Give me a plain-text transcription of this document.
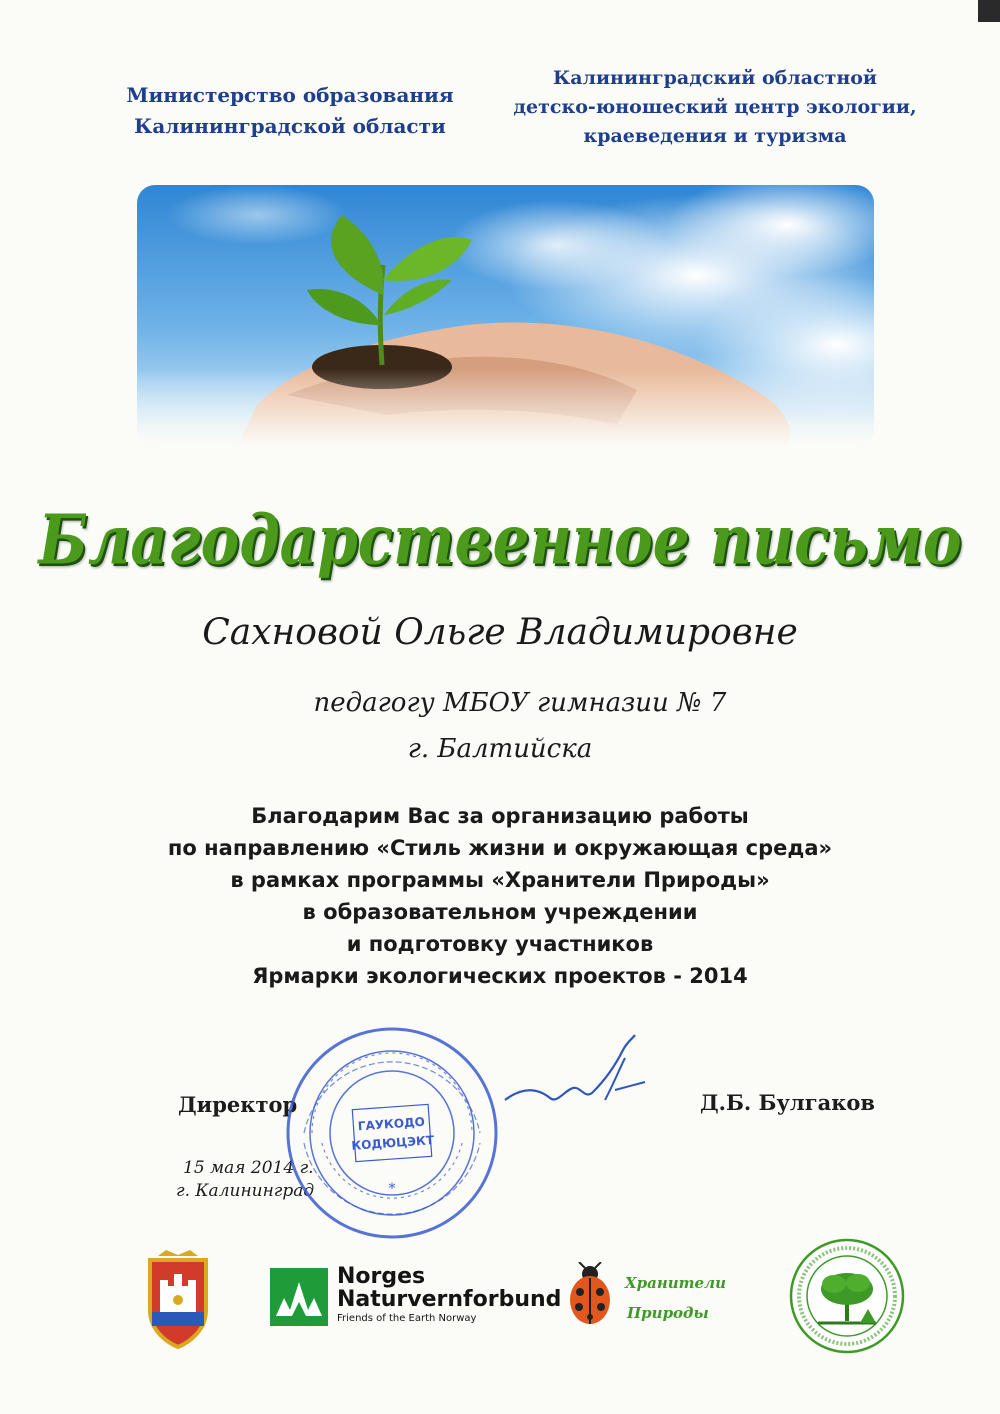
Министерство образования
Калининградской области
Калининградский областной
детско-юношеский центр экологии,
краеведения и туризма
Благодарственное письмо
Сахновой Ольге Владимировне
педагогу МБОУ гимназии № 7
г. Балтийска
Благодарим Вас за организацию работы
по направлению «Стиль жизни и окружающая среда»
в рамках программы «Хранители Природы»
в образовательном учреждении
и подготовку участников
Ярмарки экологических проектов - 2014
Директор	Д.Б. Булгаков
15 мая 2014 г.
г. Калининград
ГАУКОДО
КОДЮЦЭКТ
*
Norges
Naturvernforbund
Friends of the Earth Norway
Хранители
Природы
